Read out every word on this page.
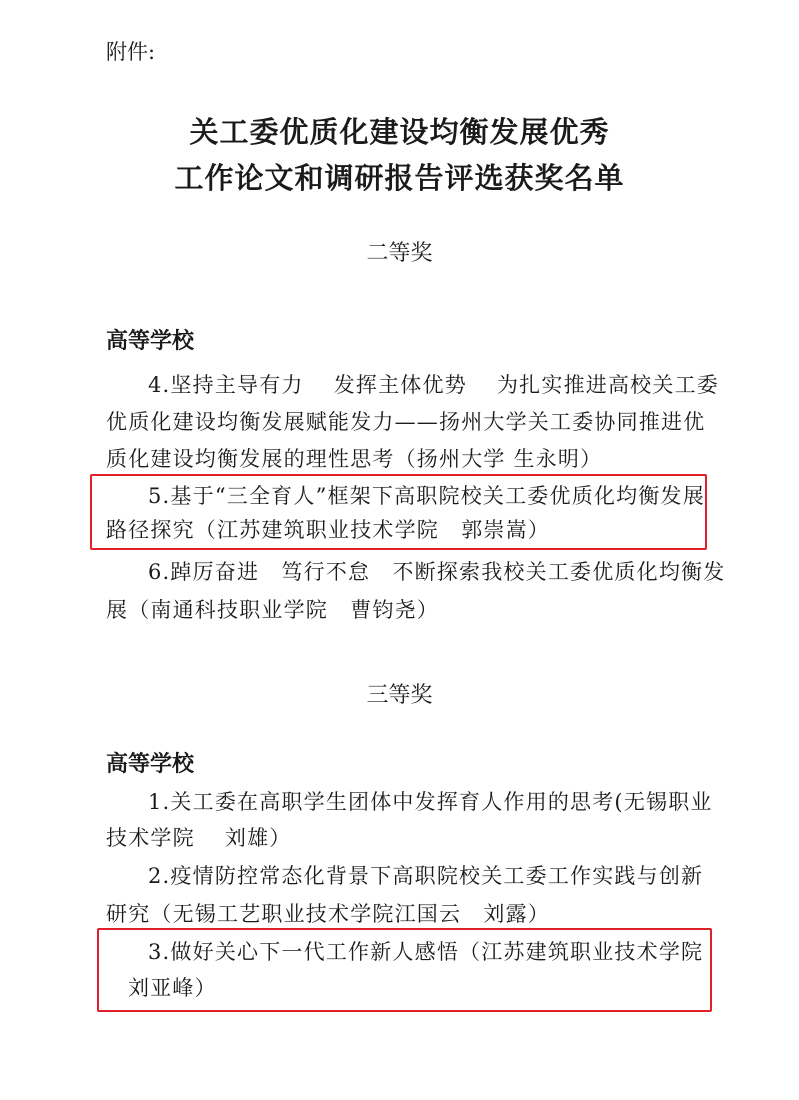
附件:
关工委优质化建设均衡发展优秀
工作论文和调研报告评选获奖名单
二等奖
高等学校
4.坚持主导有力　 发挥主体优势　 为扎实推进高校关工委
优质化建设均衡发展赋能发力——扬州大学关工委协同推进优
质化建设均衡发展的理性思考（扬州大学 生永明）
5.基于“三全育人”框架下高职院校关工委优质化均衡发展
路径探究（江苏建筑职业技术学院　郭崇嵩）
6.踔厉奋进　笃行不怠　不断探索我校关工委优质化均衡发
展（南通科技职业学院　曹钧尧）
三等奖
高等学校
1.关工委在高职学生团体中发挥育人作用的思考(无锡职业
技术学院　 刘雄）
2.疫情防控常态化背景下高职院校关工委工作实践与创新
研究（无锡工艺职业技术学院江国云　刘露）
3.做好关心下一代工作新人感悟（江苏建筑职业技术学院
刘亚峰）
